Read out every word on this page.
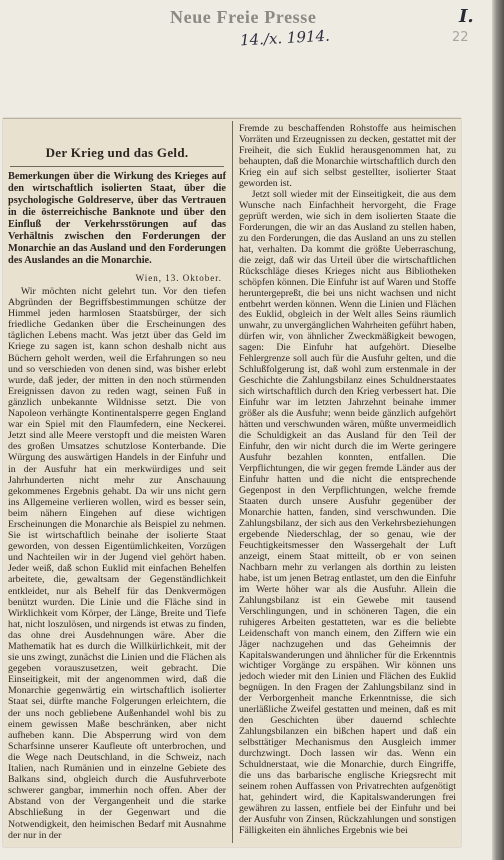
Neue Freie Presse
14./x. 1914.
I.
22
Der Krieg und das Geld.

Bemerkungen über die Wirkung des Krieges auf den wirtschaftlich isolierten Staat, über die psychologische Goldreserve, über das Vertrauen in die österreichische Banknote und über den Einfluß der Verkehrsstörungen auf das Verhältnis zwischen den Forderungen der Monarchie an das Ausland und den Forderungen des Auslandes an die Monarchie.

Wien, 13. Oktober.

Wir möchten nicht gelehrt tun. Vor den tiefen Abgründen der Begriffsbestimmungen schütze der Himmel jeden harmlosen Staatsbürger, der sich friedliche Gedanken über die Erscheinungen des täglichen Lebens macht. Was jetzt über das Geld im Kriege zu sagen ist, kann schon deshalb nicht aus Büchern geholt werden, weil die Erfahrungen so neu und so verschieden von denen sind, was bisher erlebt wurde, daß jeder, der mitten in den noch stürmenden Ereignissen davon zu reden wagt, seinen Fuß in gänzlich unbekannte Wildnisse setzt. Die von Napoleon verhängte Kontinentalsperre gegen England war ein Spiel mit den Flaumfedern, eine Neckerei. Jetzt sind alle Meere verstopft und die meisten Waren des großen Umsatzes schutzlose Konterbande. Die Würgung des auswärtigen Handels in der Einfuhr und in der Ausfuhr hat ein merkwürdiges und seit Jahrhunderten nicht mehr zur Anschauung gekommenes Ergebnis gehabt. Da wir uns nicht gern ins Allgemeine verlieren wollen, wird es besser sein, beim nähern Eingehen auf diese wichtigen Erscheinungen die Monarchie als Beispiel zu nehmen. Sie ist wirtschaftlich beinahe der isolierte Staat geworden, von dessen Eigentümlichkeiten, Vorzügen und Nachteilen wir in der Jugend viel gehört haben. Jeder weiß, daß schon Euklid mit einfachen Behelfen arbeitete, die, gewaltsam der Gegenständlichkeit entkleidet, nur als Behelf für das Denkvermögen benützt wurden. Die Linie und die Fläche sind in Wirklichkeit vom Körper, der Länge, Breite und Tiefe hat, nicht loszulösen, und nirgends ist etwas zu finden, das ohne drei Ausdehnungen wäre. Aber die Mathematik hat es durch die Willkürlichkeit, mit der sie uns zwingt, zunächst die Linien und die Flächen als gegeben vorauszusetzen, weit gebracht. Die Einseitigkeit, mit der angenommen wird, daß die Monarchie gegenwärtig ein wirtschaftlich isolierter Staat sei, dürfte manche Folgerungen erleichtern, die der uns noch gebliebene Außenhandel wohl bis zu einem gewissen Maße beschränken, aber nicht aufheben kann. Die Absperrung wird von dem Scharfsinne unserer Kaufleute oft unterbrochen, und die Wege nach Deutschland, in die Schweiz, nach Italien, nach Rumänien und in einzelne Gebiete des Balkans sind, obgleich durch die Ausfuhrverbote schwerer gangbar, immerhin noch offen. Aber der Abstand von der Vergangenheit und die starke Abschließung in der Gegenwart und die Notwendigkeit, den heimischen Bedarf mit Ausnahme der nur in der

Fremde zu beschaffenden Rohstoffe aus heimischen Vorräten und Erzeugnissen zu decken, gestattet mit der Freiheit, die sich Euklid herausgenommen hat, zu behaupten, daß die Monarchie wirtschaftlich durch den Krieg ein auf sich selbst gestellter, isolierter Staat geworden ist.

Jetzt soll wieder mit der Einseitigkeit, die aus dem Wunsche nach Einfachheit hervorgeht, die Frage geprüft werden, wie sich in dem isolierten Staate die Forderungen, die wir an das Ausland zu stellen haben, zu den Forderungen, die das Ausland an uns zu stellen hat, verhalten. Da kommt die größte Ueberraschung, die zeigt, daß wir das Urteil über die wirtschaftlichen Rückschläge dieses Krieges nicht aus Bibliotheken schöpfen können. Die Einfuhr ist auf Waren und Stoffe heruntergepreßt, die bei uns nicht wachsen und nicht entbehrt werden können. Wenn die Linien und Flächen des Euklid, obgleich in der Welt alles Seins räumlich unwahr, zu unvergänglichen Wahrheiten geführt haben, dürfen wir, von ähnlicher Zweckmäßigkeit bewogen, sagen: Die Einfuhr hat aufgehört. Dieselbe Fehlergrenze soll auch für die Ausfuhr gelten, und die Schlußfolgerung ist, daß wohl zum erstenmale in der Geschichte die Zahlungsbilanz eines Schuldnerstaates sich wirtschaftlich durch den Krieg verbessert hat. Die Einfuhr war im letzten Jahrzehnt beinahe immer größer als die Ausfuhr; wenn beide gänzlich aufgehört hätten und verschwunden wären, müßte unvermeidlich die Schuldigkeit an das Ausland für den Teil der Einfuhr, den wir nicht durch die im Werte geringere Ausfuhr bezahlen konnten, entfallen. Die Verpflichtungen, die wir gegen fremde Länder aus der Einfuhr hatten und die nicht die entsprechende Gegenpost in den Verpflichtungen, welche fremde Staaten durch unsere Ausfuhr gegenüber der Monarchie hatten, fanden, sind verschwunden. Die Zahlungsbilanz, der sich aus den Verkehrsbeziehungen ergebende Niederschlag, der so genau, wie der Feuchtigkeitsmesser den Wassergehalt der Luft anzeigt, einem Staat mitteilt, ob er von seinen Nachbarn mehr zu verlangen als dorthin zu leisten habe, ist um jenen Betrag entlastet, um den die Einfuhr im Werte höher war als die Ausfuhr. Allein die Zahlungsbilanz ist ein Gewebe mit tausend Verschlingungen, und in schöneren Tagen, die ein ruhigeres Arbeiten gestatteten, war es die beliebte Leidenschaft von manch einem, den Ziffern wie ein Jäger nachzugehen und das Geheimnis der Kapitalswanderungen und ähnlicher für die Erkenntnis wichtiger Vorgänge zu erspähen. Wir können uns jedoch wieder mit den Linien und Flächen des Euklid begnügen. In den Fragen der Zahlungsbilanz sind in der Verborgenheit manche Erkenntnisse, die sich unerläßliche Zweifel gestatten und meinen, daß es mit den Geschichten über dauernd schlechte Zahlungsbilanzen ein bißchen hapert und daß ein selbsttätiger Mechanismus den Ausgleich immer durchzwingt. Doch lassen wir das. Wenn ein Schuldnerstaat, wie die Monarchie, durch Eingriffe, die uns das barbarische englische Kriegsrecht mit seinem rohen Auffassen von Privatrechten aufgenötigt hat, gehindert wird, die Kapitalswanderungen frei gewähren zu lassen, entfiele bei der Einfuhr und bei der Ausfuhr von Zinsen, Rückzahlungen und sonstigen Fälligkeiten ein ähnliches Ergebnis wie bei
